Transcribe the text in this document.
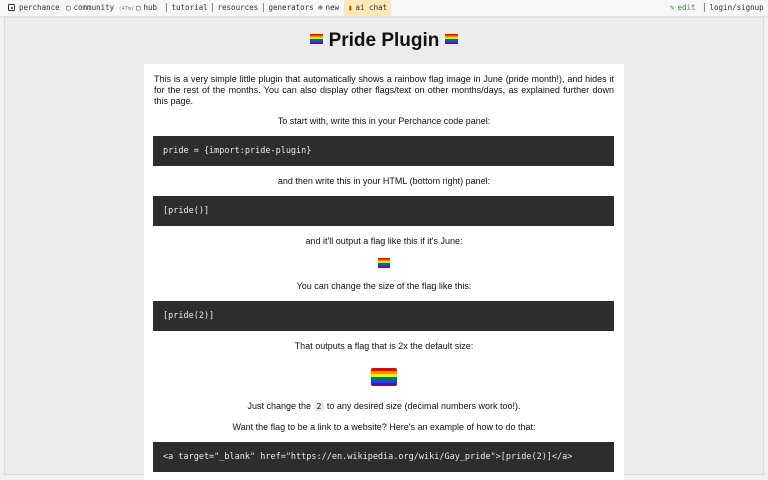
perchance ▢ community (47m) ▢ hub │ tutorial │ resources │ generators ⊕ new	▮ ai chat	✎ edit │ login/signup
Pride Plugin
This is a very simple little plugin that automatically shows a rainbow flag image in June (pride month!), and hides it for the rest of the months. You can also display other flags/text on other months/days, as explained further down this page.
To start with, write this in your Perchance code panel:
pride = {import:pride-plugin}
and then write this in your HTML (bottom right) panel:
[pride()]
and it'll output a flag like this if it's June:
You can change the size of the flag like this:
[pride(2)]
That outputs a flag that is 2x the default size:
Just change the 2 to any desired size (decimal numbers work too!).
Want the flag to be a link to a website? Here's an example of how to do that:
<a target="_blank" href="https://en.wikipedia.org/wiki/Gay_pride">[pride(2)]</a>
